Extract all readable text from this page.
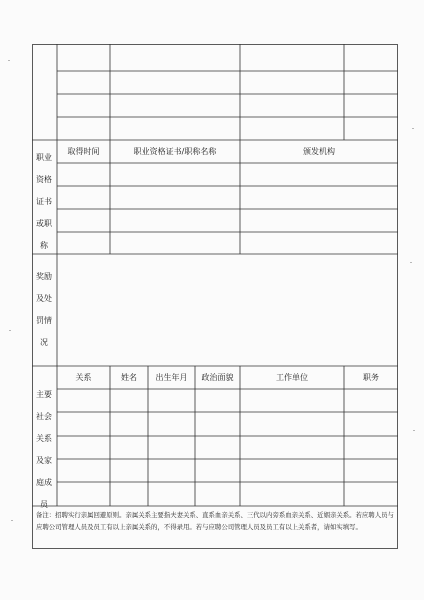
职业
资格
证书
或职
称
取得时间	职业资格证书/职称名称	颁发机构
奖励
及处
罚情
况
主要
社会
关系
及家
庭成
员
关系	姓名	出生年月	政治面貌	工作单位	职务
备注：招聘实行亲属回避原则。亲属关系主要指夫妻关系、直系血亲关系、三代以内旁系血亲关系、近姻亲关系。若应聘人员与应聘公司管理人员及员工有以上亲属关系的，不得录用。若与应聘公司管理人员及员工有以上关系者，请如实填写。
